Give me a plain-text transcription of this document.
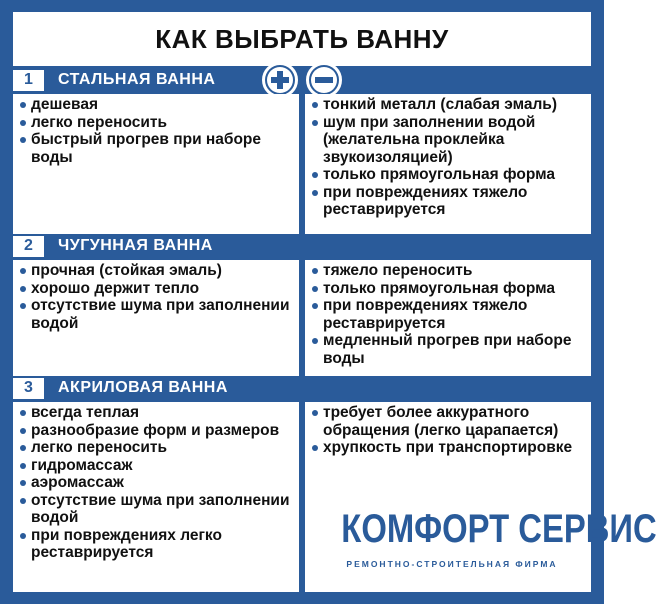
КАК ВЫБРАТЬ ВАННУ
1	СТАЛЬНАЯ ВАННА
дешевая
легко переносить
быстрый прогрев при наборе воды
тонкий металл (слабая эмаль)
шум при заполнении водой (желательна проклейка звукоизоляцией)
только прямоугольная форма
при повреждениях тяжело реставрируется
2	ЧУГУННАЯ ВАННА
прочная (стойкая эмаль)
хорошо держит тепло
отсутствие шума при заполнении водой
тяжело переносить
только прямоугольная форма
при повреждениях тяжело реставрируется
медленный прогрев при наборе воды
3	АКРИЛОВАЯ ВАННА
всегда теплая
разнообразие форм и размеров
легко переносить
гидромассаж
аэромассаж
отсутствие шума при заполнении водой
при повреждениях легко реставрируется
требует более аккуратного обращения (легко царапается)
хрупкость при транспортировке
КОМФОРТ СЕРВИС
РЕМОНТНО-СТРОИТЕЛЬНАЯ ФИРМА
